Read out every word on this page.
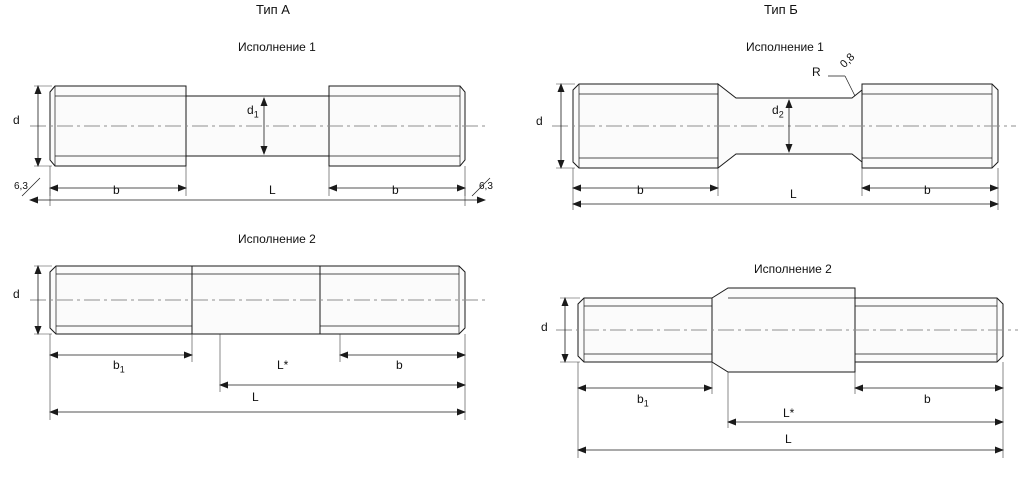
Тип А	Тип Б
Исполнение 1
d
$d_1$
b	b
L
6,3	6,3
Исполнение 2
d
$b_1$	b
L*
L
Исполнение 1
d
$d_2$
R
0,8
b	b
L
Исполнение 2
d
$b_1$	b
L*
L
